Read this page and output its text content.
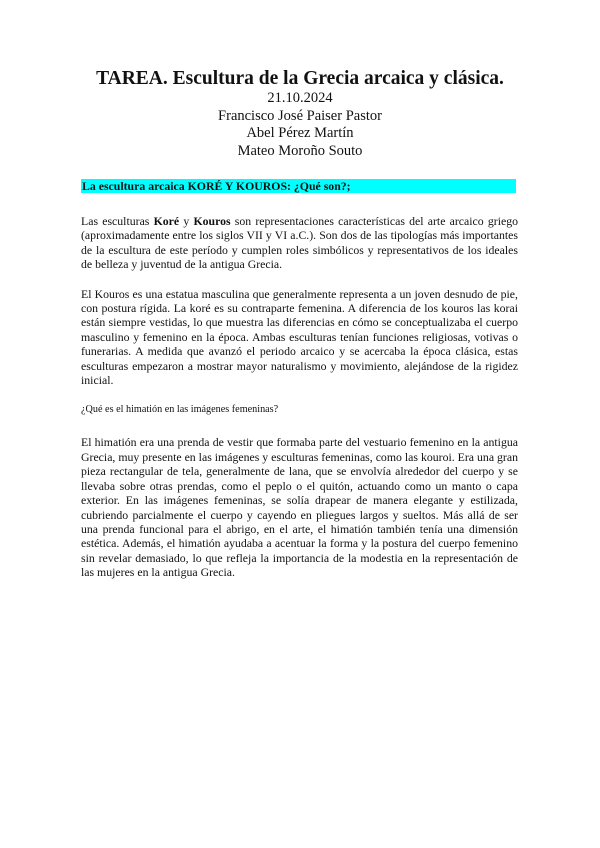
TAREA. Escultura de la Grecia arcaica y clásica.
21.10.2024
Francisco José Paiser Pastor
Abel Pérez Martín
Mateo Moroño Souto
La escultura arcaica KORÉ Y KOUROS: ¿Qué son?;

Las esculturas Koré y Kouros son representaciones características del arte arcaico griego (aproximadamente entre los siglos VII y VI a.C.). Son dos de las tipologías más importantes de la escultura de este período y cumplen roles simbólicos y representativos de los ideales de belleza y juventud de la antigua Grecia.

El Kouros es una estatua masculina que generalmente representa a un joven desnudo de pie, con postura rígida. La koré es su contraparte femenina. A diferencia de los kouros las korai están siempre vestidas, lo que muestra las diferencias en cómo se conceptualizaba el cuerpo masculino y femenino en la época. Ambas esculturas tenían funciones religiosas, votivas o funerarias. A medida que avanzó el periodo arcaico y se acercaba la época clásica, estas esculturas empezaron a mostrar mayor naturalismo y movimiento, alejándose de la rigidez inicial.

¿Qué es el himatión en las imágenes femeninas?

El himatión era una prenda de vestir que formaba parte del vestuario femenino en la antigua Grecia, muy presente en las imágenes y esculturas femeninas, como las kouroi. Era una gran pieza rectangular de tela, generalmente de lana, que se envolvía alrededor del cuerpo y se llevaba sobre otras prendas, como el peplo o el quitón, actuando como un manto o capa exterior. En las imágenes femeninas, se solía drapear de manera elegante y estilizada, cubriendo parcialmente el cuerpo y cayendo en pliegues largos y sueltos. Más allá de ser una prenda funcional para el abrigo, en el arte, el himatión también tenía una dimensión estética. Además, el himatión ayudaba a acentuar la forma y la postura del cuerpo femenino sin revelar demasiado, lo que refleja la importancia de la modestia en la representación de las mujeres en la antigua Grecia.
